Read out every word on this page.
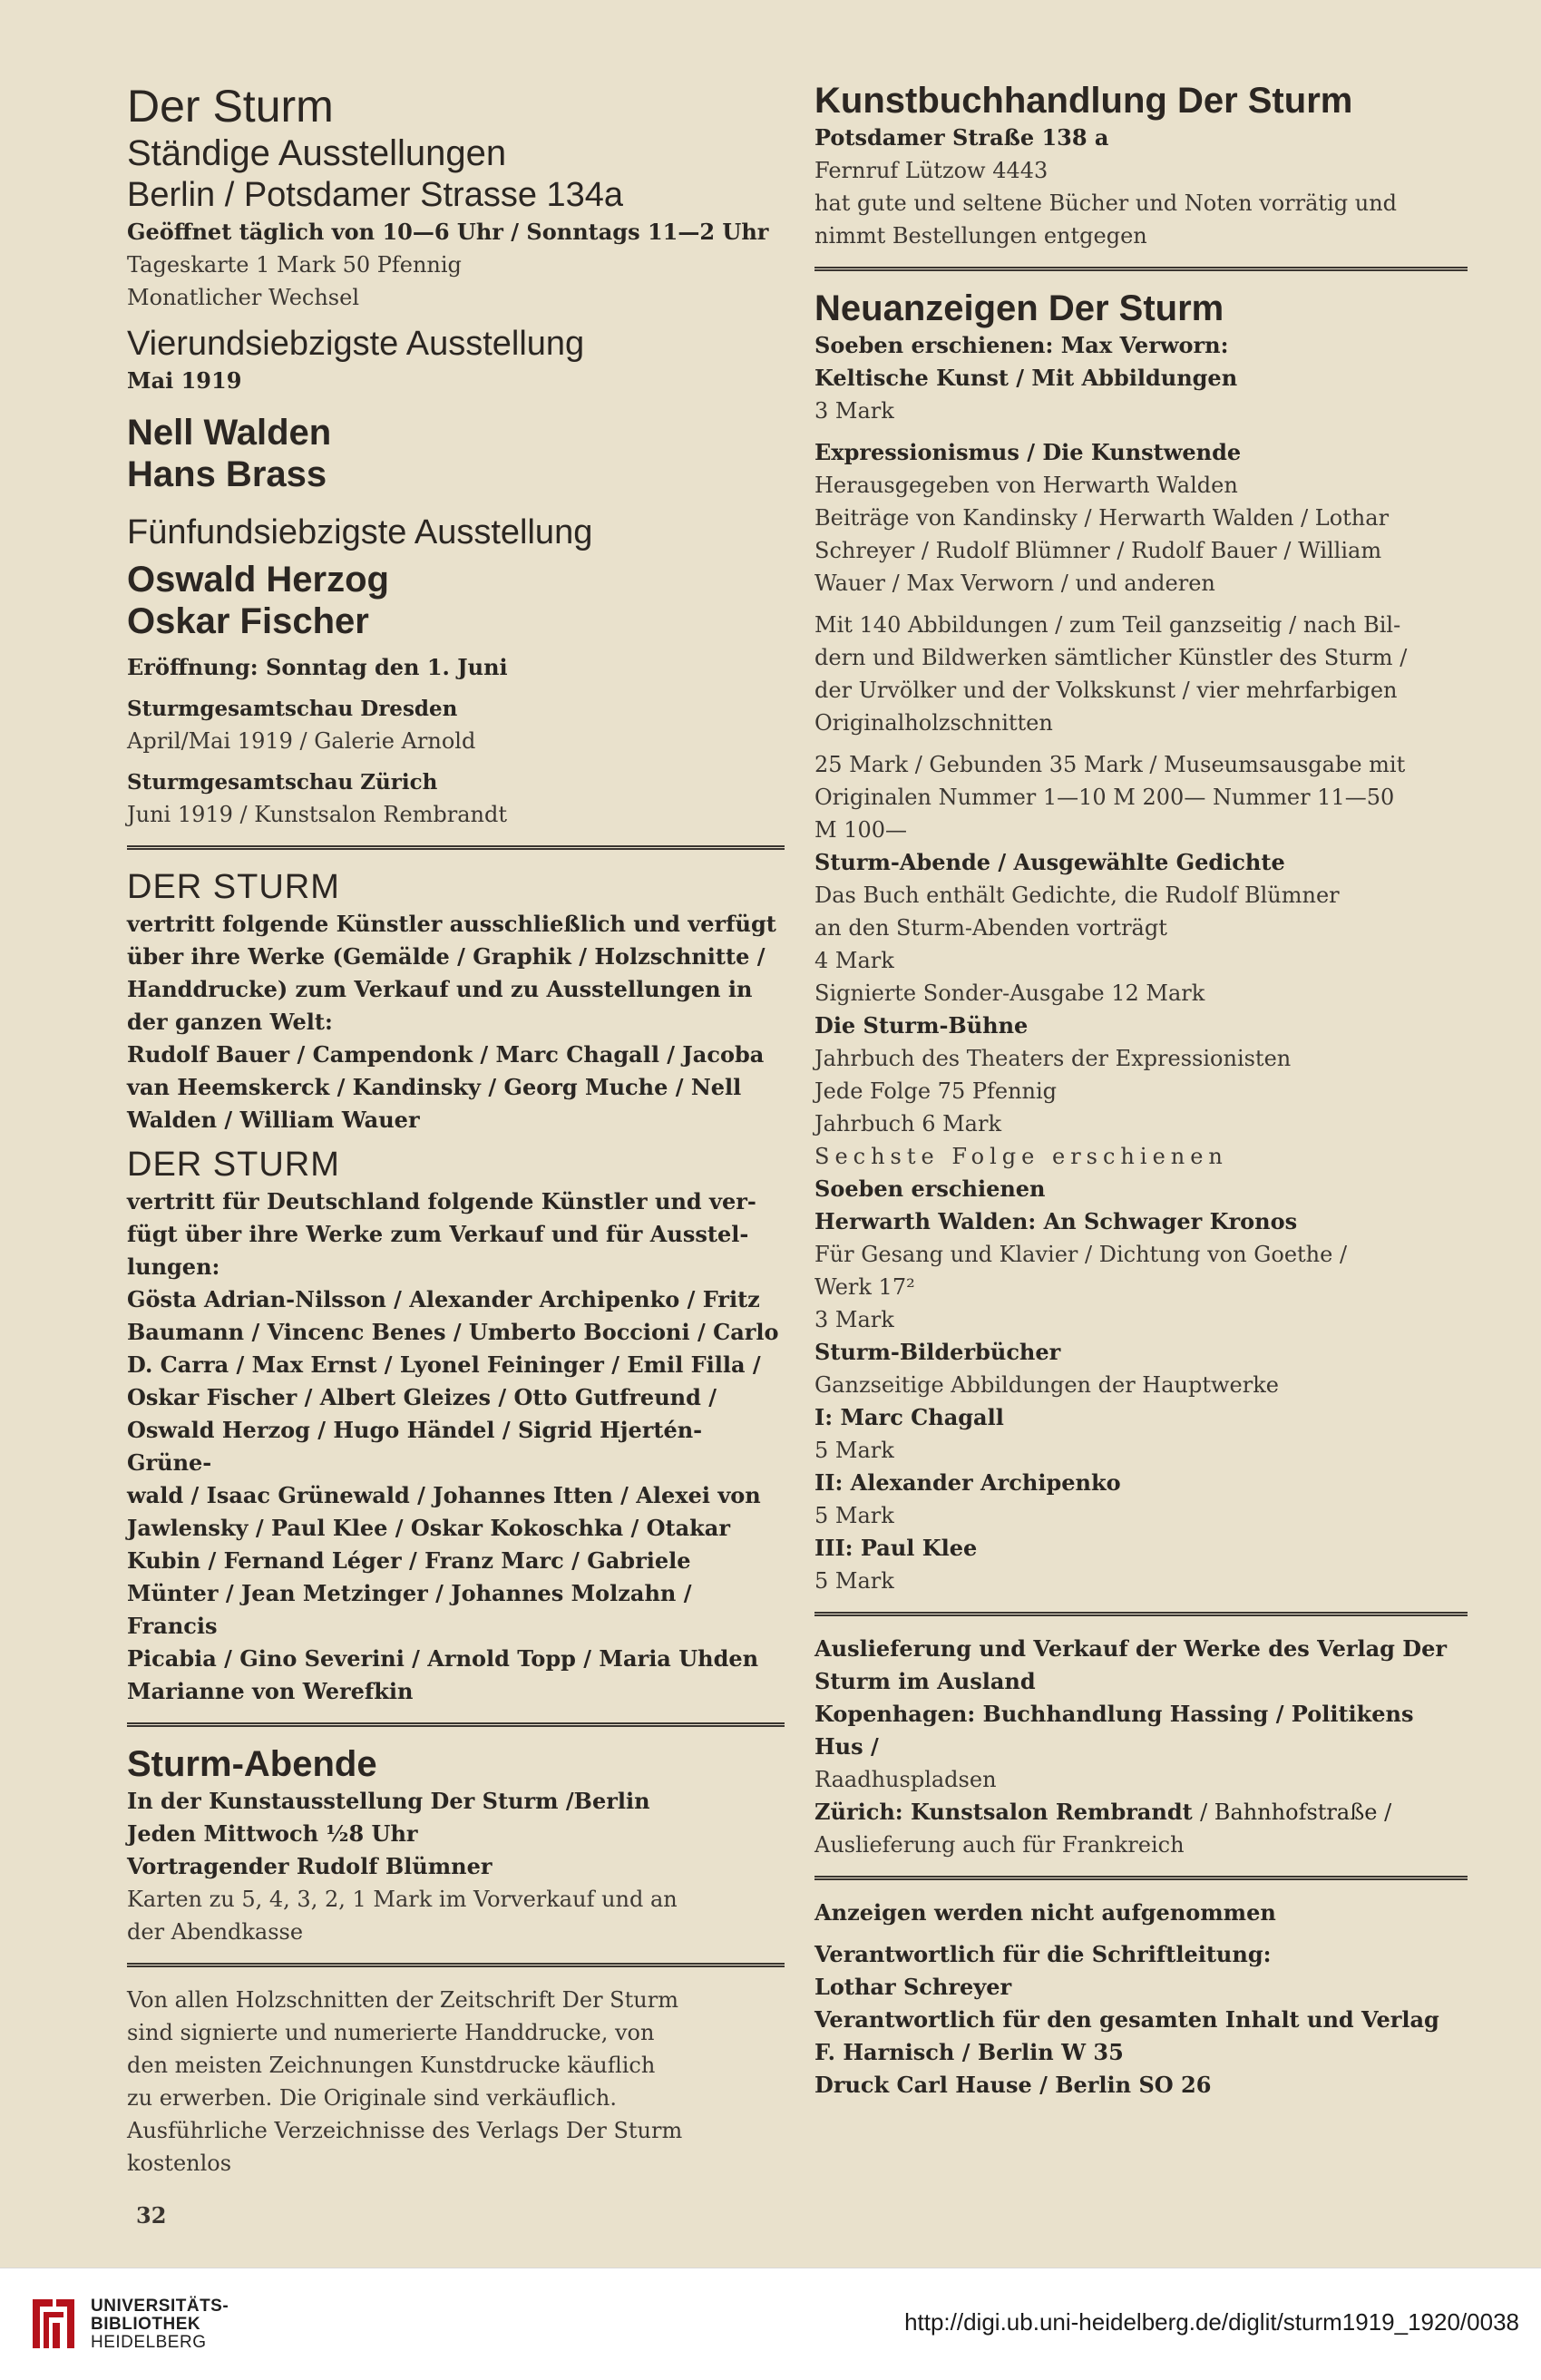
Der Sturm
Ständige Ausstellungen
Berlin / Potsdamer Strasse 134a
Geöffnet täglich von 10—6 Uhr / Sonntags 11—2 Uhr
Tageskarte 1 Mark 50 Pfennig
Monatlicher Wechsel
Vierundsiebzigste Ausstellung
Mai 1919
Nell Walden
Hans Brass
Fünfundsiebzigste Ausstellung
Oswald Herzog
Oskar Fischer
Eröffnung: Sonntag den 1. Juni
Sturmgesamtschau Dresden
April/Mai 1919 / Galerie Arnold
Sturmgesamtschau Zürich
Juni 1919 / Kunstsalon Rembrandt
DER STURM
vertritt folgende Künstler ausschließlich und verfügt
über ihre Werke (Gemälde / Graphik / Holzschnitte /
Handdrucke) zum Verkauf und zu Ausstellungen in
der ganzen Welt:
Rudolf Bauer / Campendonk / Marc Chagall / Jacoba
van Heemskerck / Kandinsky / Georg Muche / Nell
Walden / William Wauer
DER STURM
vertritt für Deutschland folgende Künstler und ver-
fügt über ihre Werke zum Verkauf und für Ausstel-
lungen:
Gösta Adrian-Nilsson / Alexander Archipenko / Fritz
Baumann / Vincenc Benes / Umberto Boccioni / Carlo
D. Carra / Max Ernst / Lyonel Feininger / Emil Filla /
Oskar Fischer / Albert Gleizes / Otto Gutfreund /
Oswald Herzog / Hugo Händel / Sigrid Hjertén-Grüne-
wald / Isaac Grünewald / Johannes Itten / Alexei von
Jawlensky / Paul Klee / Oskar Kokoschka / Otakar
Kubin / Fernand Léger / Franz Marc / Gabriele
Münter / Jean Metzinger / Johannes Molzahn / Francis
Picabia / Gino Severini / Arnold Topp / Maria Uhden
Marianne von Werefkin
Sturm-Abende
In der Kunstausstellung Der Sturm /Berlin
Jeden Mittwoch ½8 Uhr
Vortragender Rudolf Blümner
Karten zu 5, 4, 3, 2, 1 Mark im Vorverkauf und an
der Abendkasse
Von allen Holzschnitten der Zeitschrift Der Sturm
sind signierte und numerierte Handdrucke, von
den meisten Zeichnungen Kunstdrucke käuflich
zu erwerben. Die Originale sind verkäuflich.
Ausführliche Verzeichnisse des Verlags Der Sturm
kostenlos
Kunstbuchhandlung Der Sturm
Potsdamer Straße 138 a
Fernruf Lützow 4443
hat gute und seltene Bücher und Noten vorrätig und
nimmt Bestellungen entgegen
Neuanzeigen Der Sturm
Soeben erschienen: Max Verworn:
Keltische Kunst / Mit Abbildungen
3 Mark
Expressionismus / Die Kunstwende
Herausgegeben von Herwarth Walden
Beiträge von Kandinsky / Herwarth Walden / Lothar
Schreyer / Rudolf Blümner / Rudolf Bauer / William
Wauer / Max Verworn / und anderen
Mit 140 Abbildungen / zum Teil ganzseitig / nach Bil-
dern und Bildwerken sämtlicher Künstler des Sturm /
der Urvölker und der Volkskunst / vier mehrfarbigen
Originalholzschnitten
25 Mark / Gebunden 35 Mark / Museumsausgabe mit
Originalen Nummer 1—10 M 200— Nummer 11—50
M 100—
Sturm-Abende / Ausgewählte Gedichte
Das Buch enthält Gedichte, die Rudolf Blümner
an den Sturm-Abenden vorträgt
4 Mark
Signierte Sonder-Ausgabe 12 Mark
Die Sturm-Bühne
Jahrbuch des Theaters der Expressionisten
Jede Folge 75 Pfennig
Jahrbuch 6 Mark
Sechste Folge erschienen
Soeben erschienen
Herwarth Walden: An Schwager Kronos
Für Gesang und Klavier / Dichtung von Goethe /
Werk 17²
3 Mark
Sturm-Bilderbücher
Ganzseitige Abbildungen der Hauptwerke
I: Marc Chagall
5 Mark
II: Alexander Archipenko
5 Mark
III: Paul Klee
5 Mark
Auslieferung und Verkauf der Werke des Verlag Der
Sturm im Ausland
Kopenhagen: Buchhandlung Hassing / Politikens Hus /
Raadhuspladsen
Zürich: Kunstsalon Rembrandt / Bahnhofstraße /
Auslieferung auch für Frankreich
Anzeigen werden nicht aufgenommen
Verantwortlich für die Schriftleitung:
Lothar Schreyer
Verantwortlich für den gesamten Inhalt und Verlag
F. Harnisch / Berlin W 35
Druck Carl Hause / Berlin SO 26
32
UNIVERSITÄTS-
BIBLIOTHEK
HEIDELBERG
http://digi.ub.uni-heidelberg.de/diglit/sturm1919_1920/0038
